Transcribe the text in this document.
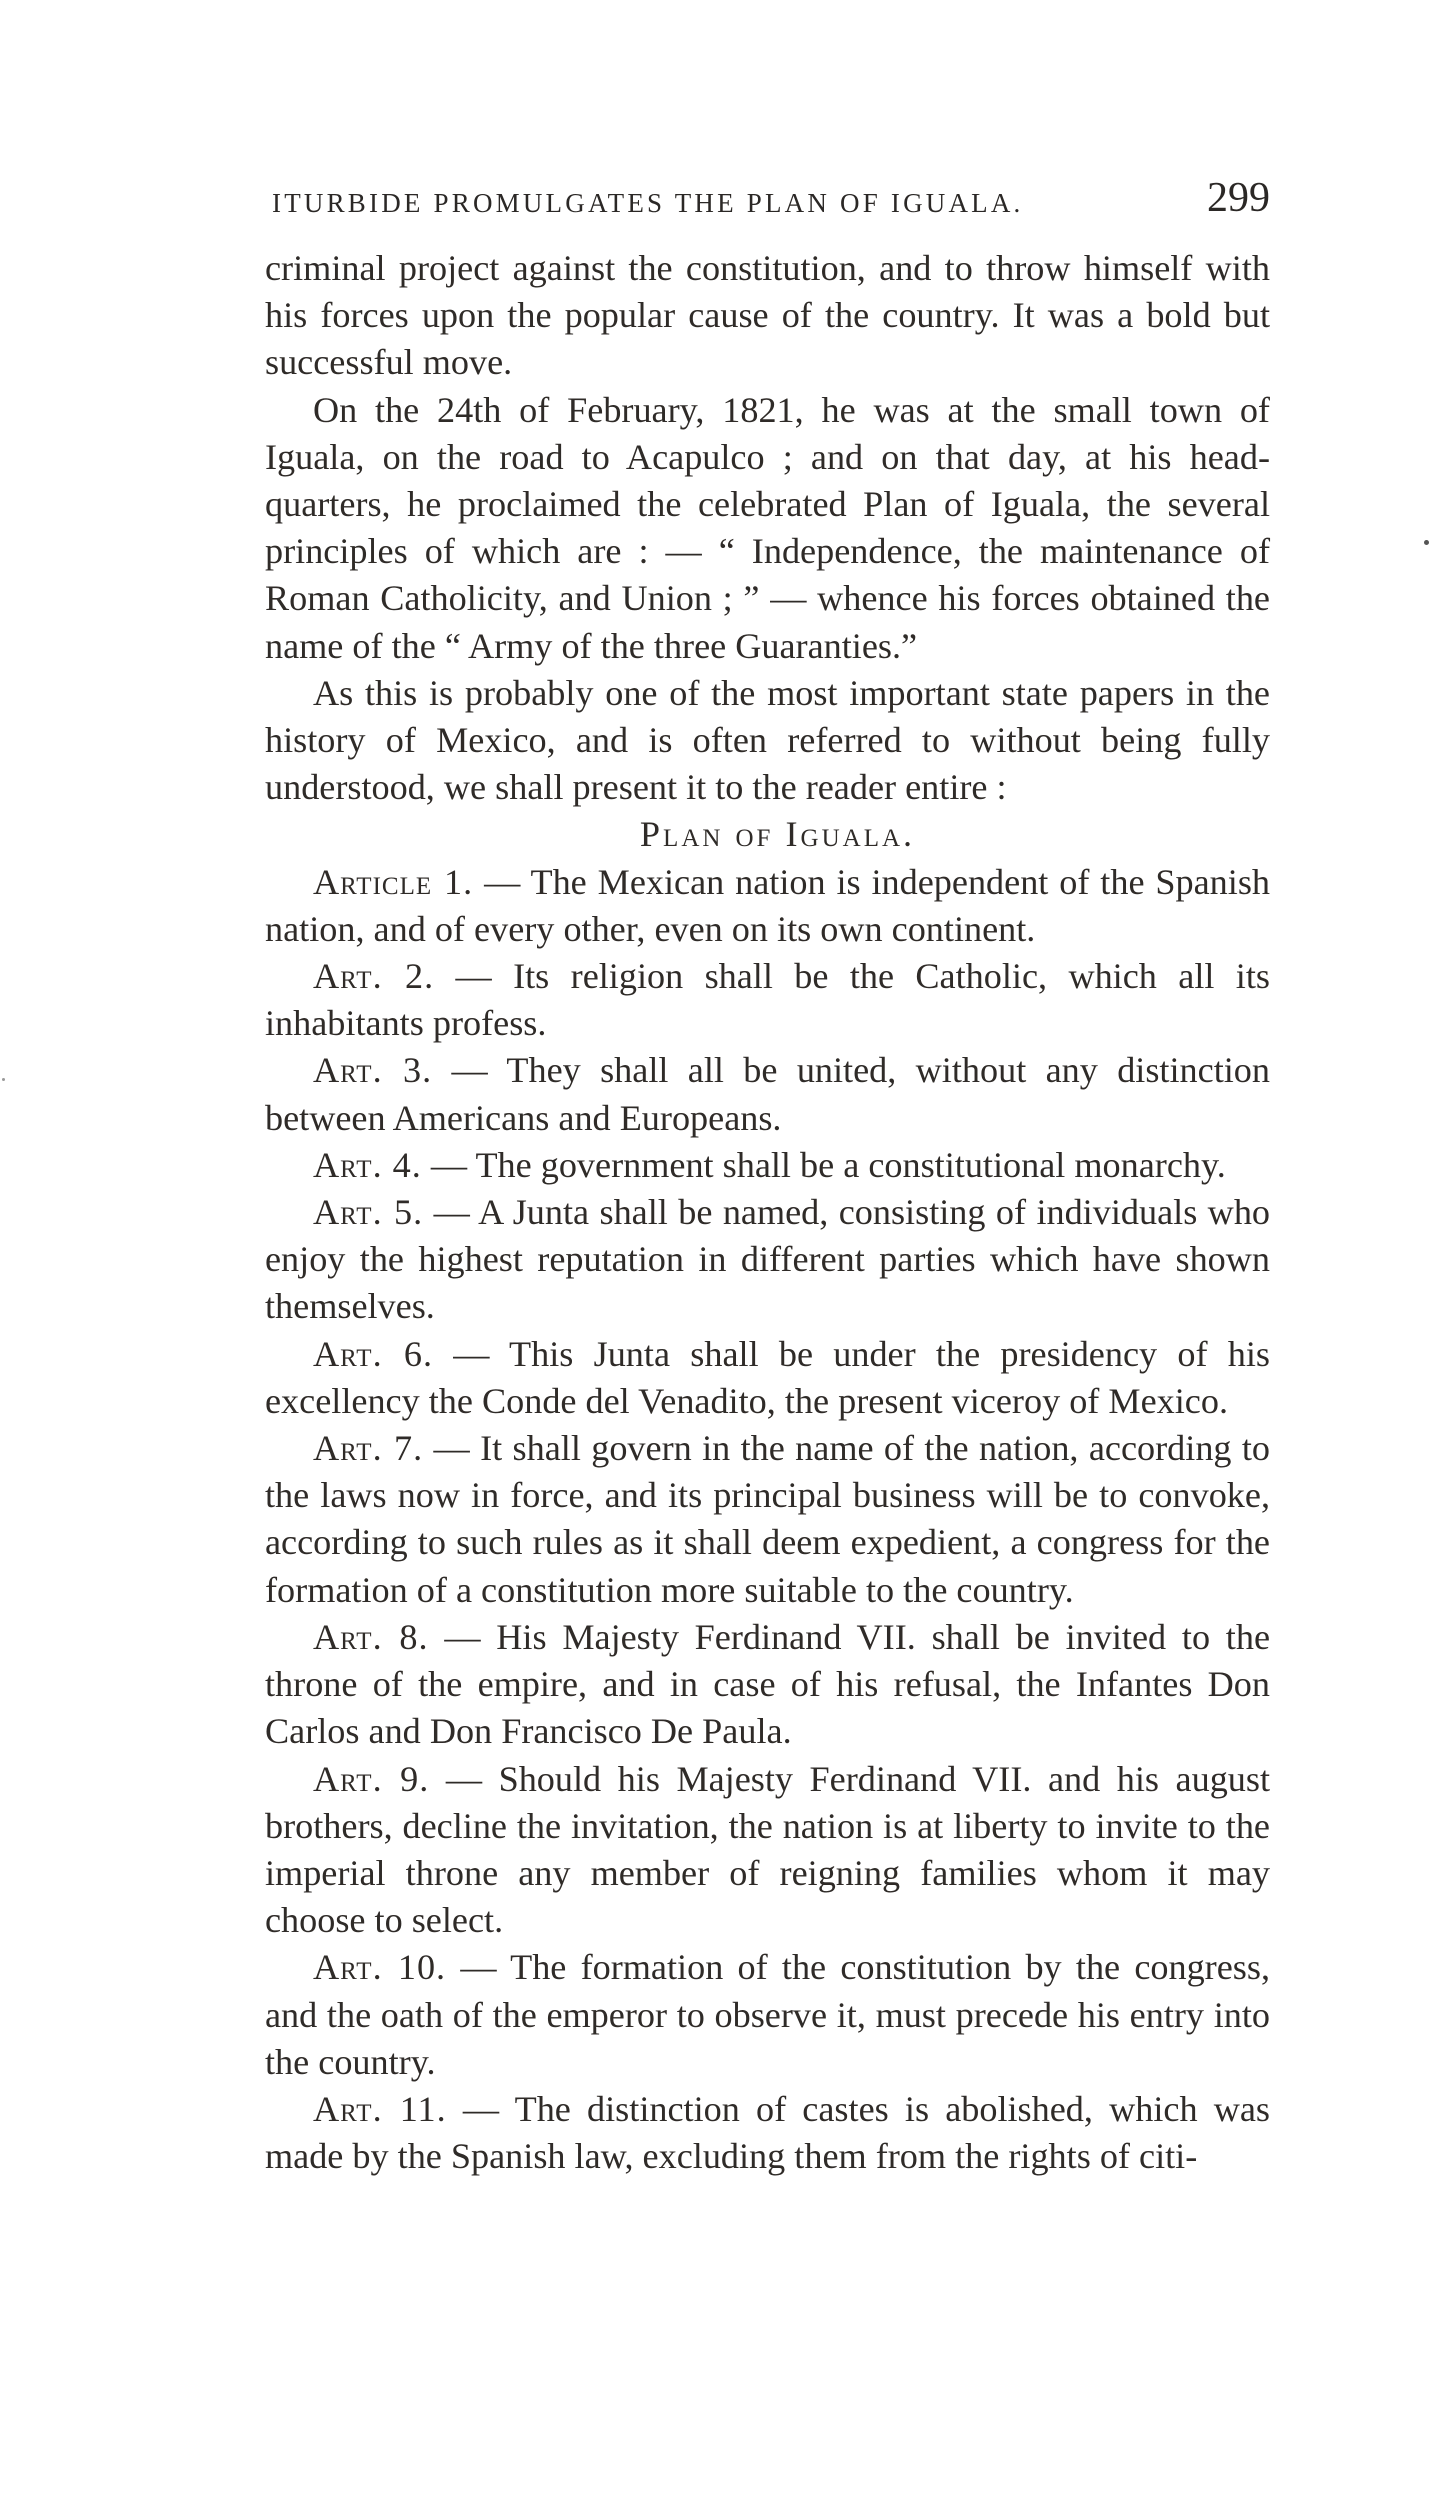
ITURBIDE PROMULGATES THE PLAN OF IGUALA.	299

criminal project against the constitution, and to throw himself with his forces upon the popular cause of the country. It was a bold but successful move.

On the 24th of February, 1821, he was at the small town of Iguala, on the road to Acapulco ; and on that day, at his head-quarters, he proclaimed the celebrated Plan of Iguala, the several principles of which are : — “ Independence, the maintenance of Roman Catholicity, and Union ; ” — whence his forces obtained the name of the “ Army of the three Guaranties.”

As this is probably one of the most important state papers in the history of Mexico, and is often referred to without being fully understood, we shall present it to the reader entire :

Plan of Iguala.

Article 1. — The Mexican nation is independent of the Spanish nation, and of every other, even on its own continent.

Art. 2. — Its religion shall be the Catholic, which all its inhabitants profess.

Art. 3. — They shall all be united, without any distinction between Americans and Europeans.

Art. 4. — The government shall be a constitutional monarchy.

Art. 5. — A Junta shall be named, consisting of individuals who enjoy the highest reputation in different parties which have shown themselves.

Art. 6. — This Junta shall be under the presidency of his excellency the Conde del Venadito, the present viceroy of Mexico.

Art. 7. — It shall govern in the name of the nation, according to the laws now in force, and its principal business will be to convoke, according to such rules as it shall deem expedient, a congress for the formation of a constitution more suitable to the country.

Art. 8. — His Majesty Ferdinand VII. shall be invited to the throne of the empire, and in case of his refusal, the Infantes Don Carlos and Don Francisco De Paula.

Art. 9. — Should his Majesty Ferdinand VII. and his august brothers, decline the invitation, the nation is at liberty to invite to the imperial throne any member of reigning families whom it may choose to select.

Art. 10. — The formation of the constitution by the congress, and the oath of the emperor to observe it, must precede his entry into the country.

Art. 11. — The distinction of castes is abolished, which was made by the Spanish law, excluding them from the rights of citi-
